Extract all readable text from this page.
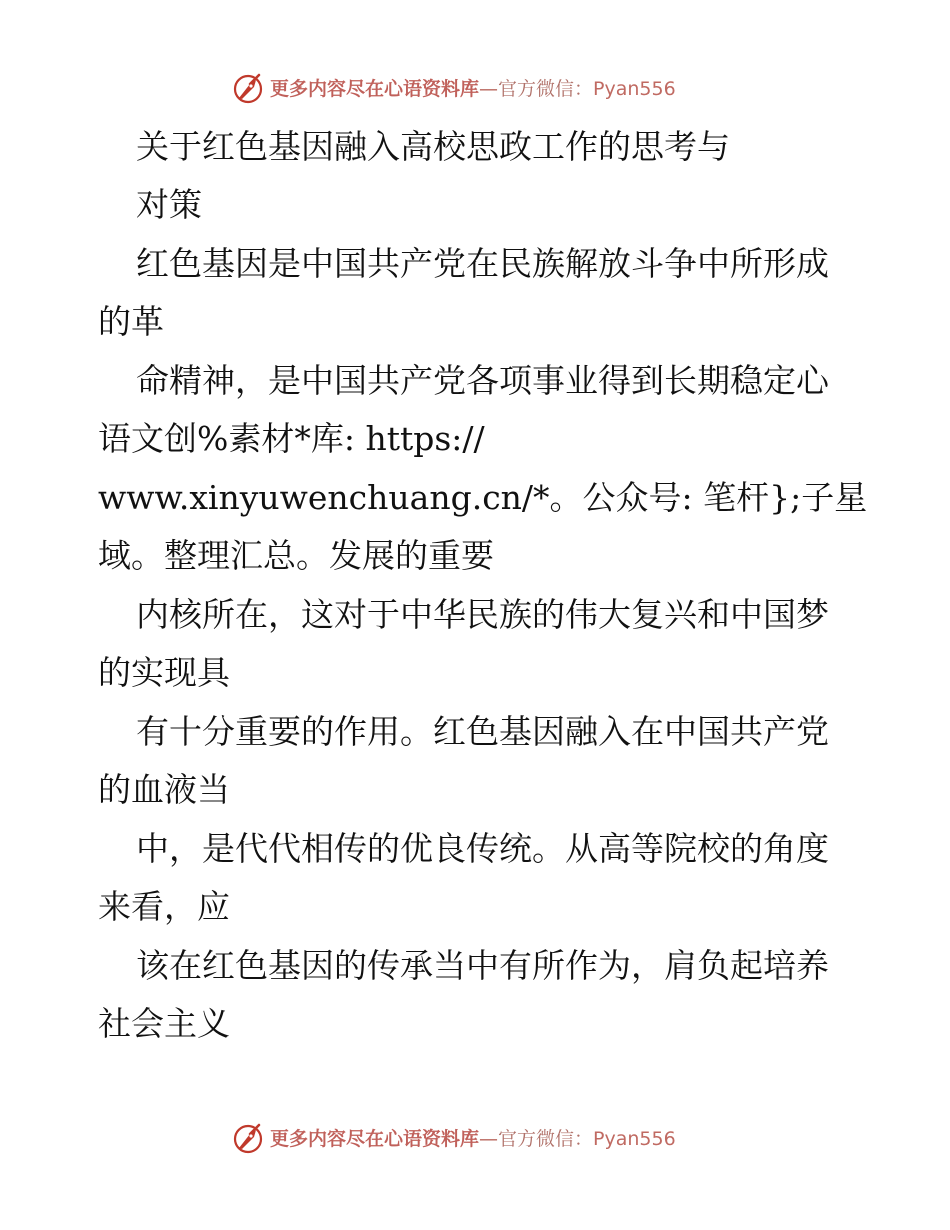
更多内容尽在心语资料库—官方微信：Pyan556
关于红色基因融入高校思政工作的思考与
对策
红色基因是中国共产党在民族解放斗争中所形成
的革
命精神，是中国共产党各项事业得到长期稳定心
语文创%素材*库: https://
www.xinyuwenchuang.cn/*。公众号: 笔杆};子星
域。整理汇总。发展的重要
内核所在，这对于中华民族的伟大复兴和中国梦
的实现具
有十分重要的作用。红色基因融入在中国共产党
的血液当
中，是代代相传的优良传统。从高等院校的角度
来看，应
该在红色基因的传承当中有所作为，肩负起培养
社会主义
更多内容尽在心语资料库—官方微信：Pyan556
